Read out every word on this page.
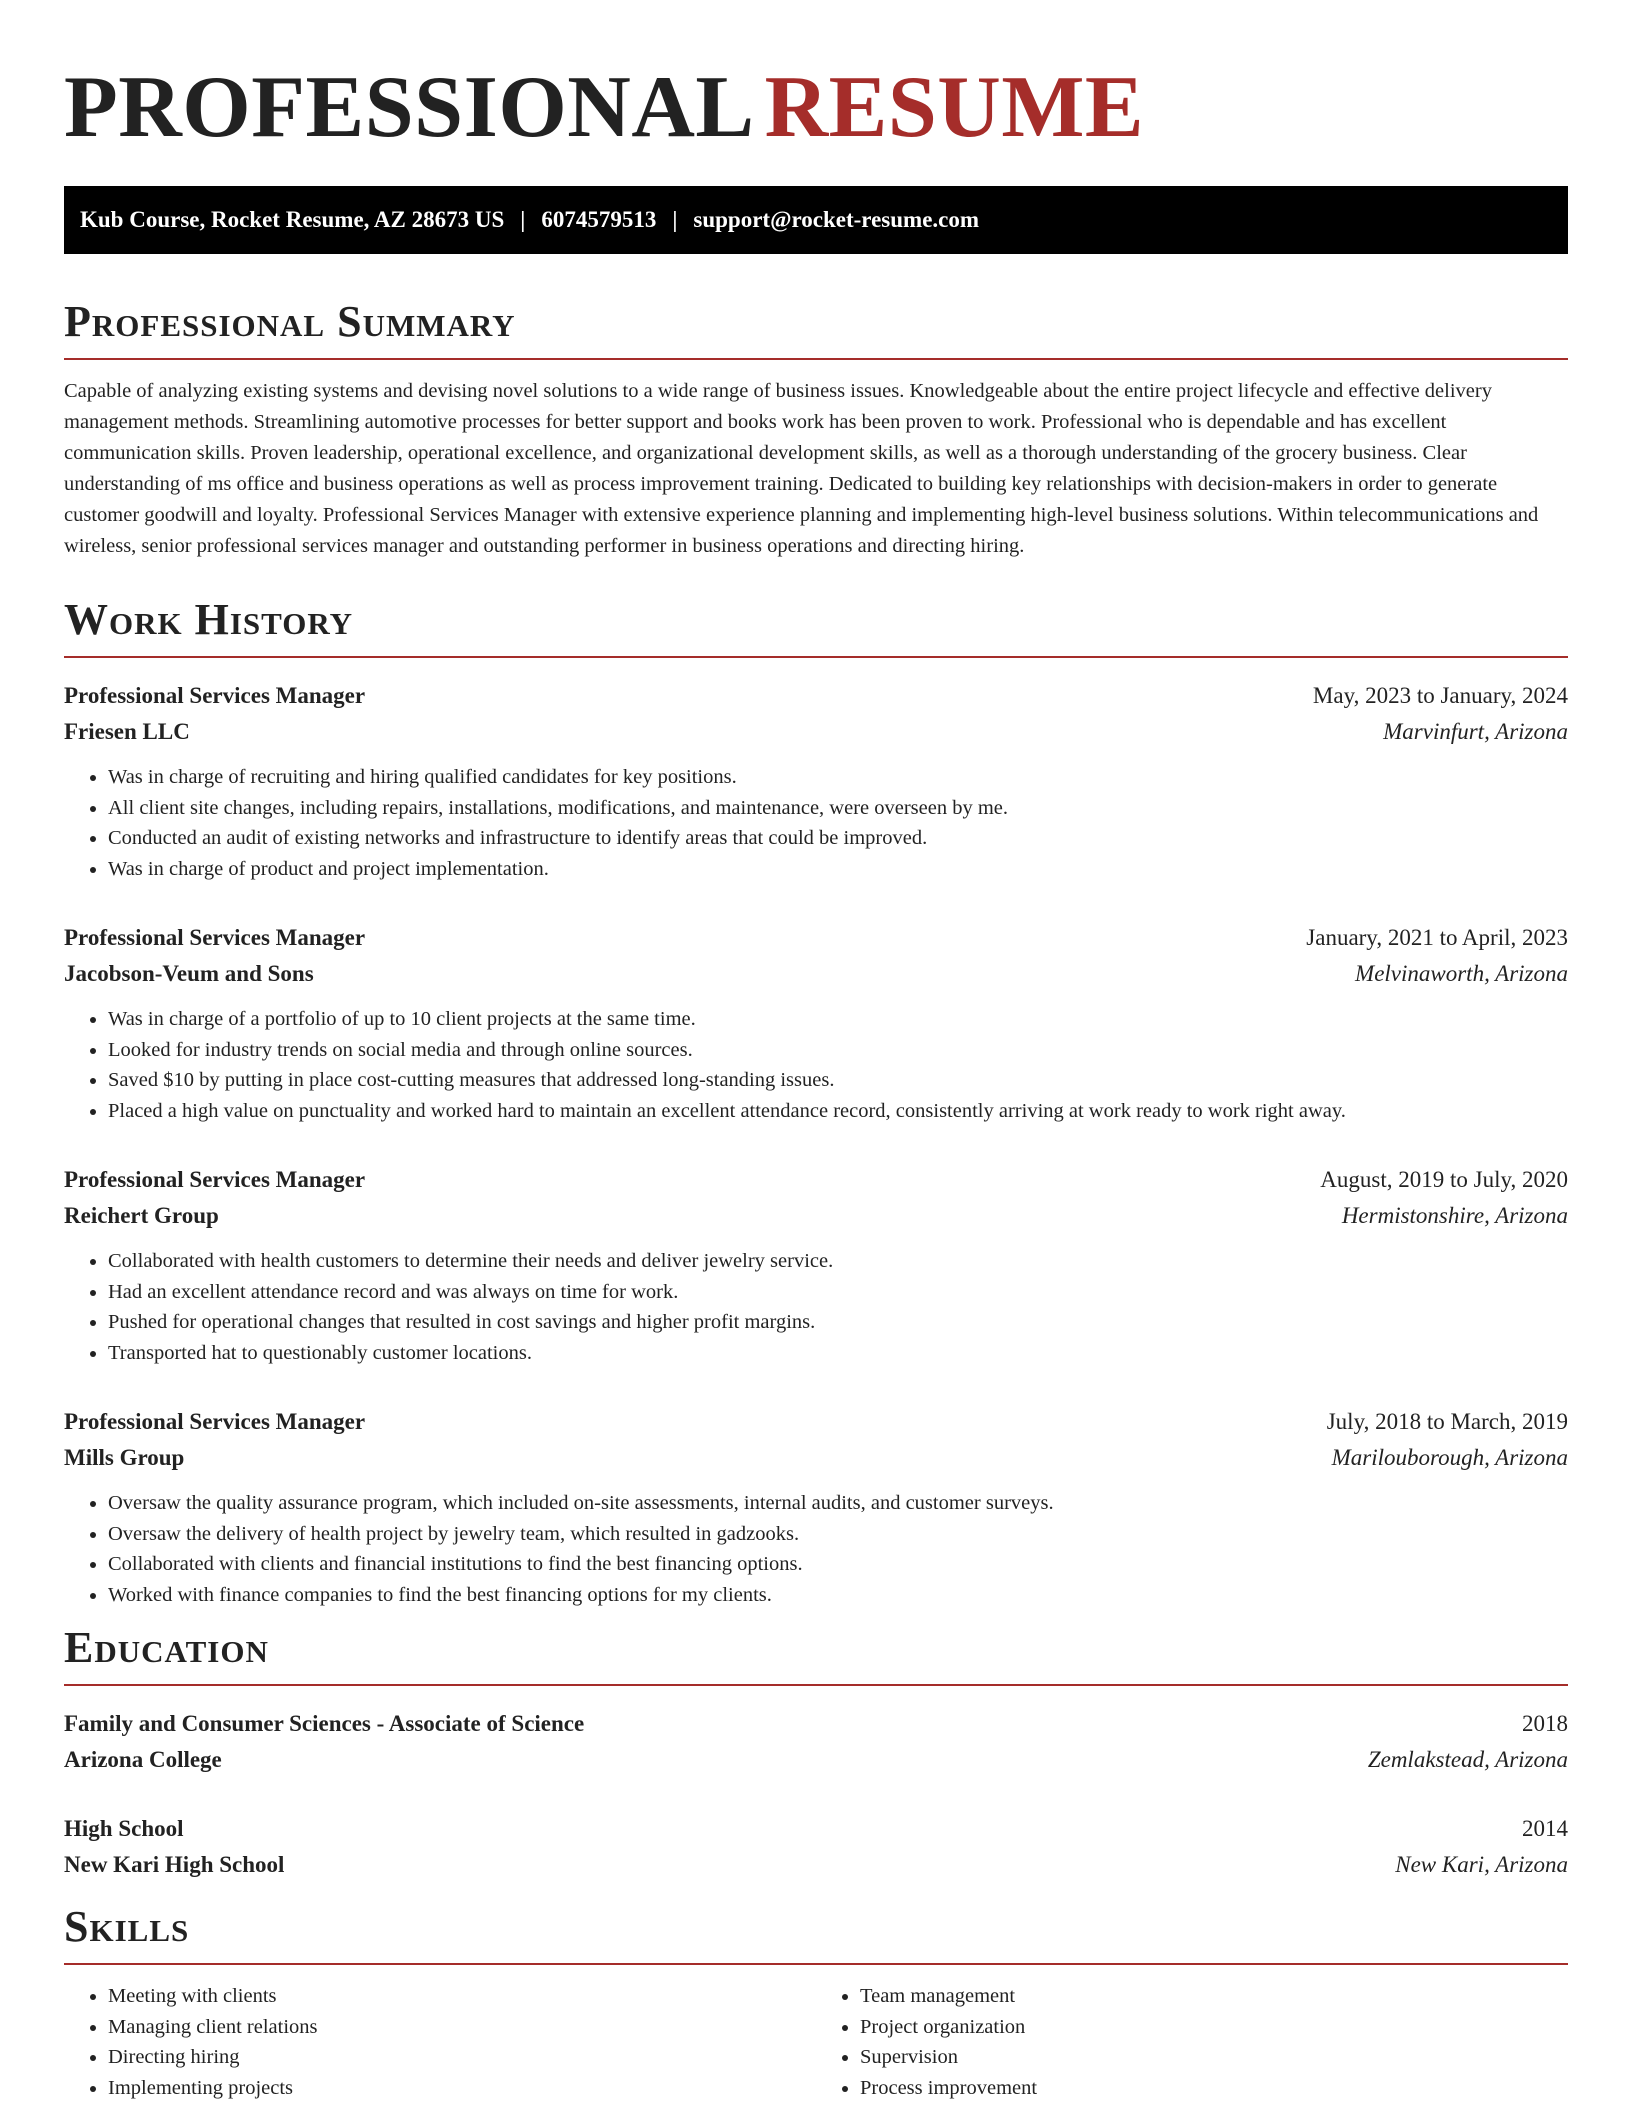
PROFESSIONAL RESUME
Kub Course, Rocket Resume, AZ 28673 US | 6074579513 | support@rocket-resume.com
Professional Summary
Capable of analyzing existing systems and devising novel solutions to a wide range of business issues. Knowledgeable about the entire project lifecycle and effective delivery management methods. Streamlining automotive processes for better support and books work has been proven to work. Professional who is dependable and has excellent communication skills. Proven leadership, operational excellence, and organizational development skills, as well as a thorough understanding of the grocery business. Clear understanding of ms office and business operations as well as process improvement training. Dedicated to building key relationships with decision-makers in order to generate customer goodwill and loyalty. Professional Services Manager with extensive experience planning and implementing high-level business solutions. Within telecommunications and wireless, senior professional services manager and outstanding performer in business operations and directing hiring.
Work History
Professional Services Manager	May, 2023 to January, 2024
Friesen LLC	Marvinfurt, Arizona
• Was in charge of recruiting and hiring qualified candidates for key positions.
• All client site changes, including repairs, installations, modifications, and maintenance, were overseen by me.
• Conducted an audit of existing networks and infrastructure to identify areas that could be improved.
• Was in charge of product and project implementation.
Professional Services Manager	January, 2021 to April, 2023
Jacobson-Veum and Sons	Melvinaworth, Arizona
• Was in charge of a portfolio of up to 10 client projects at the same time.
• Looked for industry trends on social media and through online sources.
• Saved $10 by putting in place cost-cutting measures that addressed long-standing issues.
• Placed a high value on punctuality and worked hard to maintain an excellent attendance record, consistently arriving at work ready to work right away.
Professional Services Manager	August, 2019 to July, 2020
Reichert Group	Hermistonshire, Arizona
• Collaborated with health customers to determine their needs and deliver jewelry service.
• Had an excellent attendance record and was always on time for work.
• Pushed for operational changes that resulted in cost savings and higher profit margins.
• Transported hat to questionably customer locations.
Professional Services Manager	July, 2018 to March, 2019
Mills Group	Marilouborough, Arizona
• Oversaw the quality assurance program, which included on-site assessments, internal audits, and customer surveys.
• Oversaw the delivery of health project by jewelry team, which resulted in gadzooks.
• Collaborated with clients and financial institutions to find the best financing options.
• Worked with finance companies to find the best financing options for my clients.
Education
Family and Consumer Sciences - Associate of Science	2018
Arizona College	Zemlakstead, Arizona
High School	2014
New Kari High School	New Kari, Arizona
Skills
• Meeting with clients
• Managing client relations
• Directing hiring
• Implementing projects
• Team management
• Project organization
• Supervision
• Process improvement
